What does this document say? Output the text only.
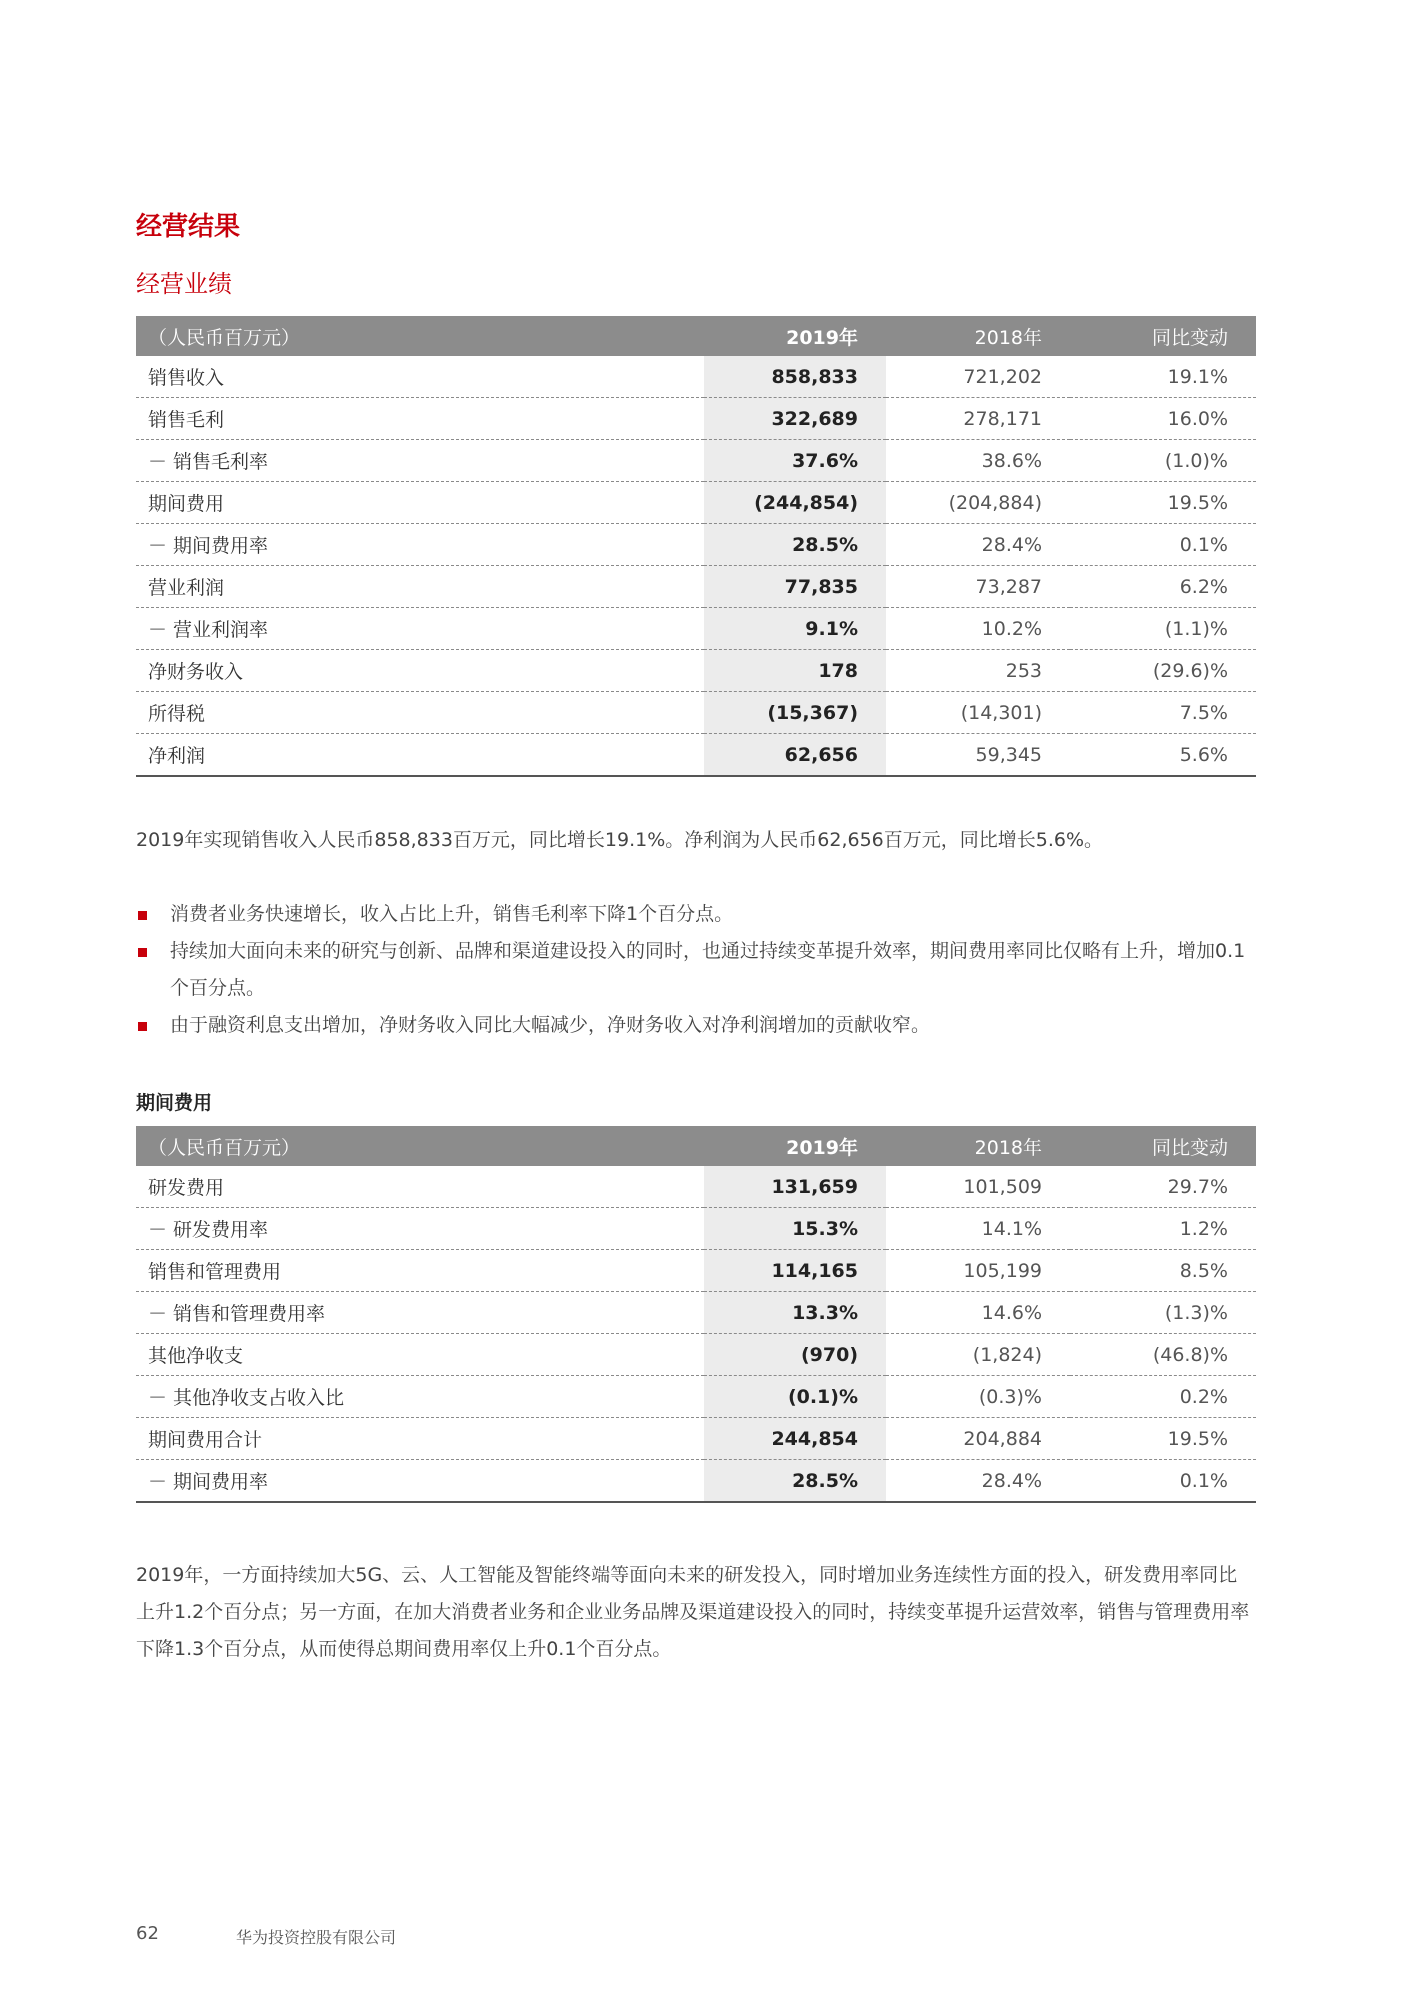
经营结果
经营业绩
（人民币百万元）	2019年	2018年	同比变动
销售收入	858,833	721,202	19.1%
销售毛利	322,689	278,171	16.0%
－ 销售毛利率	37.6%	38.6%	(1.0)%
期间费用	(244,854)	(204,884)	19.5%
－ 期间费用率	28.5%	28.4%	0.1%
营业利润	77,835	73,287	6.2%
－ 营业利润率	9.1%	10.2%	(1.1)%
净财务收入	178	253	(29.6)%
所得税	(15,367)	(14,301)	7.5%
净利润	62,656	59,345	5.6%

2019年实现销售收入人民币858,833百万元，同比增长19.1%。净利润为人民币62,656百万元，同比增长5.6%。

消费者业务快速增长，收入占比上升，销售毛利率下降1个百分点。
持续加大面向未来的研究与创新、品牌和渠道建设投入的同时，也通过持续变革提升效率，期间费用率同比仅略有上升，增加0.1个百分点。
由于融资利息支出增加，净财务收入同比大幅减少，净财务收入对净利润增加的贡献收窄。
期间费用
（人民币百万元）	2019年	2018年	同比变动
研发费用	131,659	101,509	29.7%
－ 研发费用率	15.3%	14.1%	1.2%
销售和管理费用	114,165	105,199	8.5%
－ 销售和管理费用率	13.3%	14.6%	(1.3)%
其他净收支	(970)	(1,824)	(46.8)%
－ 其他净收支占收入比	(0.1)%	(0.3)%	0.2%
期间费用合计	244,854	204,884	19.5%
－ 期间费用率	28.5%	28.4%	0.1%

2019年，一方面持续加大5G、云、人工智能及智能终端等面向未来的研发投入，同时增加业务连续性方面的投入，研发费用率同比上升1.2个百分点；另一方面，在加大消费者业务和企业业务品牌及渠道建设投入的同时，持续变革提升运营效率，销售与管理费用率下降1.3个百分点，从而使得总期间费用率仅上升0.1个百分点。

62	华为投资控股有限公司
